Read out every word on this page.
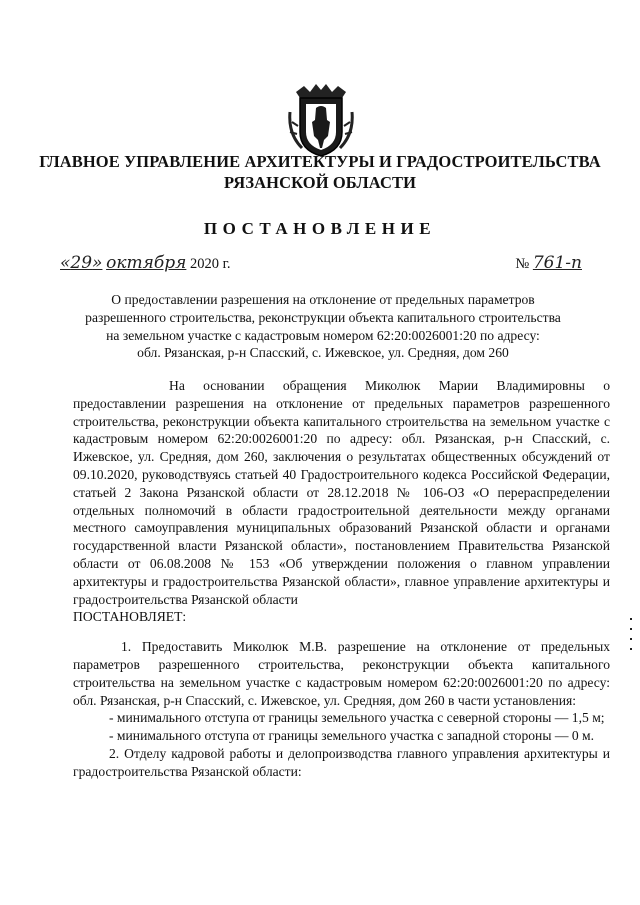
ГЛАВНОЕ УПРАВЛЕНИЕ АРХИТЕКТУРЫ И ГРАДОСТРОИТЕЛЬСТВА
РЯЗАНСКОЙ ОБЛАСТИ
ПОСТАНОВЛЕНИЕ
«29» октября 2020 г.	№ 761-п
О предоставлении разрешения на отклонение от предельных параметров
разрешенного строительства, реконструкции объекта капитального строительства
на земельном участке с кадастровым номером 62:20:0026001:20 по адресу:
обл. Рязанская, р-н Спасский, с. Ижевское, ул. Средняя, дом 260
На основании обращения Миколюк Марии Владимировны о предоставлении разрешения на отклонение от предельных параметров разрешенного строительства, реконструкции объекта капитального строительства на земельном участке с кадастровым номером 62:20:0026001:20 по адресу: обл. Рязанская, р-н Спасский, с. Ижевское, ул. Средняя, дом 260, заключения о результатах общественных обсуждений от 09.10.2020, руководствуясь статьей 40 Градостроительного кодекса Российской Федерации, статьей 2 Закона Рязанской области от 28.12.2018 № 106-ОЗ «О перераспределении отдельных полномочий в области градостроительной деятельности между органами местного самоуправления муниципальных образований Рязанской области и органами государственной власти Рязанской области», постановлением Правительства Рязанской области от 06.08.2008 № 153 «Об утверждении положения о главном управлении архитектуры и градостроительства Рязанской области», главное управление архитектуры и градостроительства Рязанской области
ПОСТАНОВЛЯЕТ:
1. Предоставить Миколюк М.В. разрешение на отклонение от предельных параметров разрешенного строительства, реконструкции объекта капитального строительства на земельном участке с кадастровым номером 62:20:0026001:20 по адресу: обл. Рязанская, р-н Спасский, с. Ижевское, ул. Средняя, дом 260 в части установления:
- минимального отступа от границы земельного участка с северной стороны — 1,5 м;
- минимального отступа от границы земельного участка с западной стороны — 0 м.
2. Отделу кадровой работы и делопроизводства главного управления архитектуры и градостроительства Рязанской области:
